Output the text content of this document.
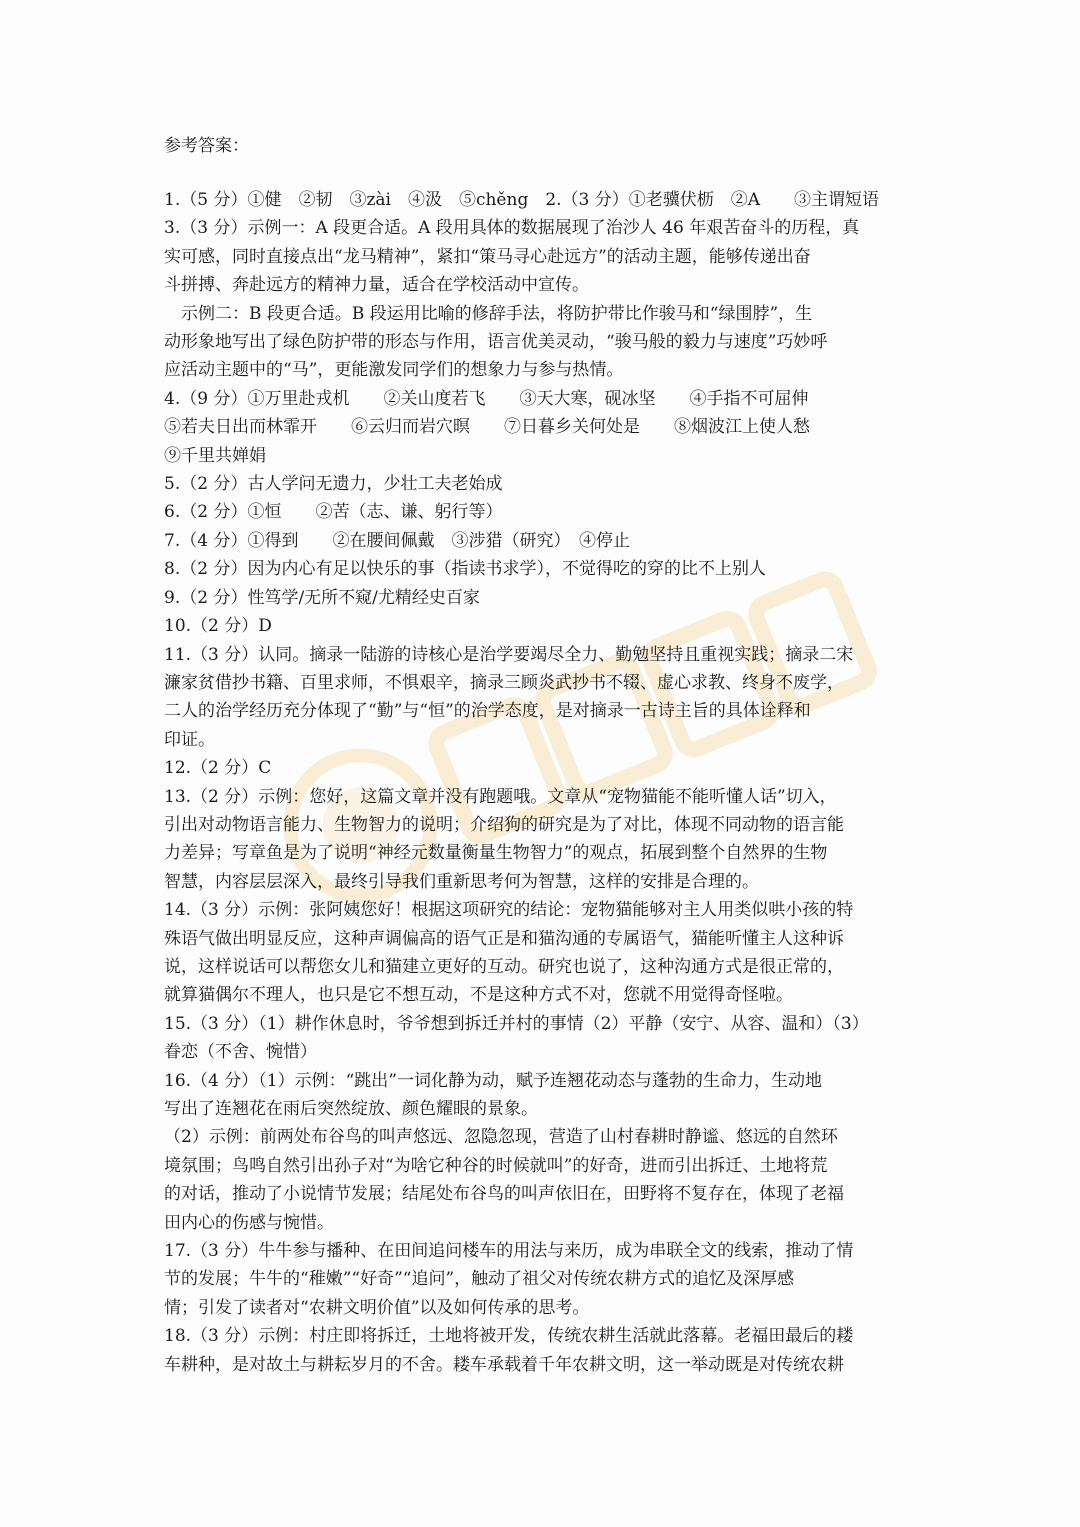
参考答案：

1.（5 分）①健　②韧　③zài　④汲　⑤chěng　2.（3 分）①老骥伏枥　②A　　③主谓短语

3.（3 分）示例一：A 段更合适。A 段用具体的数据展现了治沙人 46 年艰苦奋斗的历程，真

实可感，同时直接点出“龙马精神”，紧扣“策马寻心赴远方”的活动主题，能够传递出奋

斗拼搏、奔赴远方的精神力量，适合在学校活动中宣传。

　示例二：B 段更合适。B 段运用比喻的修辞手法，将防护带比作骏马和“绿围脖”，生

动形象地写出了绿色防护带的形态与作用，语言优美灵动，“骏马般的毅力与速度”巧妙呼

应活动主题中的“马”，更能激发同学们的想象力与参与热情。

4.（9 分）①万里赴戎机　　②关山度若飞　　③天大寒，砚冰坚　　④手指不可屈伸

⑤若夫日出而林霏开　　⑥云归而岩穴暝　　⑦日暮乡关何处是　　⑧烟波江上使人愁

⑨千里共婵娟

5.（2 分）古人学问无遗力，少壮工夫老始成

6.（2 分）①恒　　②苦（志、谦、躬行等）

7.（4 分）①得到　　②在腰间佩戴　③涉猎（研究）　④停止

8.（2 分）因为内心有足以快乐的事（指读书求学），不觉得吃的穿的比不上别人

9.（2 分）性笃学/无所不窥/尤精经史百家

10.（2 分）D

11.（3 分）认同。摘录一陆游的诗核心是治学要竭尽全力、勤勉坚持且重视实践；摘录二宋

濂家贫借抄书籍、百里求师，不惧艰辛，摘录三顾炎武抄书不辍、虚心求教、终身不废学，

二人的治学经历充分体现了“勤”与“恒”的治学态度，是对摘录一古诗主旨的具体诠释和

印证。

12.（2 分）C

13.（2 分）示例：您好，这篇文章并没有跑题哦。文章从“宠物猫能不能听懂人话”切入，

引出对动物语言能力、生物智力的说明；介绍狗的研究是为了对比，体现不同动物的语言能

力差异；写章鱼是为了说明“神经元数量衡量生物智力”的观点，拓展到整个自然界的生物

智慧，内容层层深入，最终引导我们重新思考何为智慧，这样的安排是合理的。

14.（3 分）示例：张阿姨您好！根据这项研究的结论：宠物猫能够对主人用类似哄小孩的特

殊语气做出明显反应，这种声调偏高的语气正是和猫沟通的专属语气，猫能听懂主人这种诉

说，这样说话可以帮您女儿和猫建立更好的互动。研究也说了，这种沟通方式是很正常的，

就算猫偶尔不理人，也只是它不想互动，不是这种方式不对，您就不用觉得奇怪啦。

15.（3 分）（1）耕作休息时，爷爷想到拆迁并村的事情（2）平静（安宁、从容、温和）（3）

眷恋（不舍、惋惜）

16.（4 分）（1）示例：“跳出”一词化静为动，赋予连翘花动态与蓬勃的生命力，生动地

写出了连翘花在雨后突然绽放、颜色耀眼的景象。

（2）示例：前两处布谷鸟的叫声悠远、忽隐忽现，营造了山村春耕时静谧、悠远的自然环

境氛围；鸟鸣自然引出孙子对“为啥它种谷的时候就叫”的好奇，进而引出拆迁、土地将荒

的对话，推动了小说情节发展；结尾处布谷鸟的叫声依旧在，田野将不复存在，体现了老福

田内心的伤感与惋惜。

17.（3 分）牛牛参与播种、在田间追问楼车的用法与来历，成为串联全文的线索，推动了情

节的发展；牛牛的“稚嫩”“好奇”“追问”，触动了祖父对传统农耕方式的追忆及深厚感

情；引发了读者对“农耕文明价值”以及如何传承的思考。

18.（3 分）示例：村庄即将拆迁，土地将被开发，传统农耕生活就此落幕。老福田最后的耧

车耕种，是对故土与耕耘岁月的不舍。耧车承载着千年农耕文明，这一举动既是对传统农耕
